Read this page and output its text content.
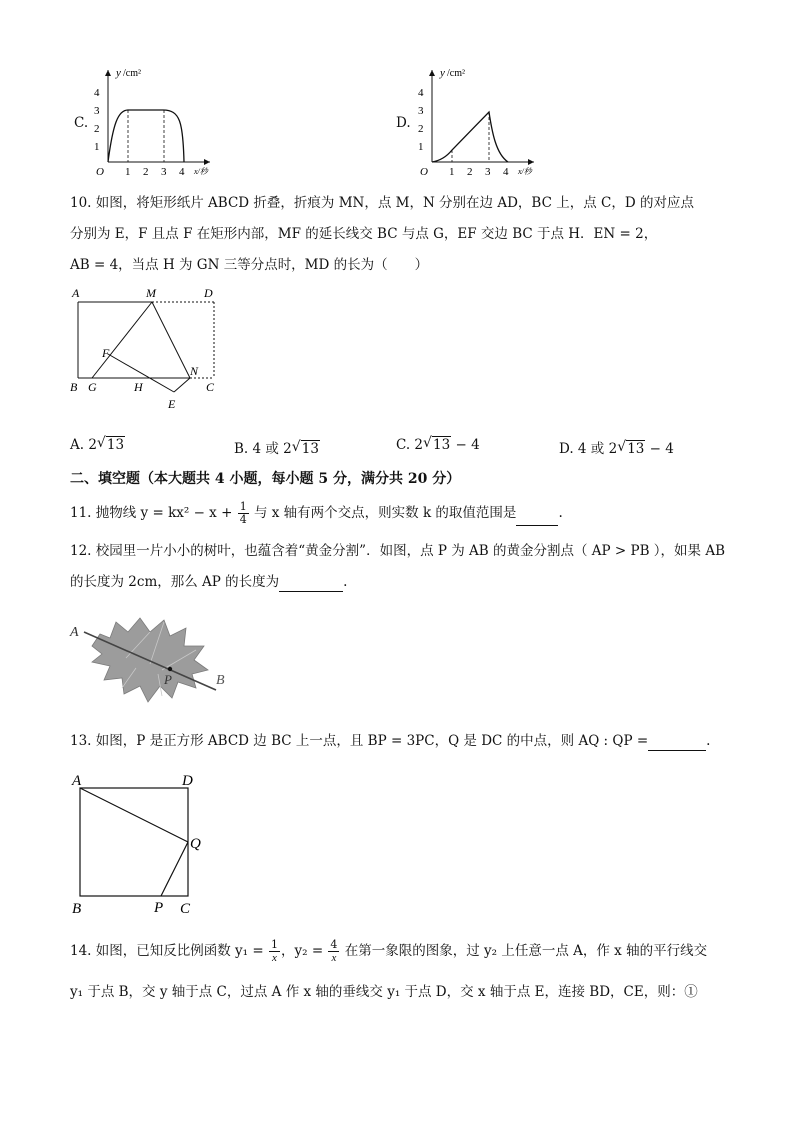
C.
y /cm²
4
3
2
1
O 1 2 3 4 x/秒
D.
y /cm²
4
3
2
1
O 1 2 3 4 x/秒
10. 如图，将矩形纸片 ABCD 折叠，折痕为 MN，点 M，N 分别在边 AD，BC 上，点 C，D 的对应点
分别为 E，F 且点 F 在矩形内部，MF 的延长线交 BC 与点 G，EF 交边 BC 于点 H．EN = 2，
AB = 4，当点 H 为 GN 三等分点时，MD 的长为（　　）
A	M	D
F
N
B G	H	C
E
A. 2 √ 13	B. 4 或 2 √ 13	C. 2 √ 13 − 4	D. 4 或 2 √ 13 − 4
二、填空题（本大题共 4 小题，每小题 5 分，满分共 20 分）
11. 抛物线 $y = kx^2 - x + \frac{1}{4}$ 与 x 轴有两个交点，则实数 k 的取值范围是	.
12. 校园里一片小小的树叶，也蕴含着“黄金分割”．如图，点 P 为 AB 的黄金分割点（ AP > PB ），如果 AB
的长度为 2cm，那么 AP 的长度为	.
A
P	B
13. 如图，P 是正方形 ABCD 边 BC 上一点，且 BP = 3PC，Q 是 DC 的中点，则 AQ : QP =	.
A	D
Q
B	P C
14. 如图，已知反比例函数 $y_1 = \frac{1}{x}$ ，$y_2 = \frac{4}{x}$ 在第一象限的图象，过 y₂ 上任意一点 A，作 x 轴的平行线交
y₁ 于点 B，交 y 轴于点 C，过点 A 作 x 轴的垂线交 y₁ 于点 D，交 x 轴于点 E，连接 BD，CE，则：①
